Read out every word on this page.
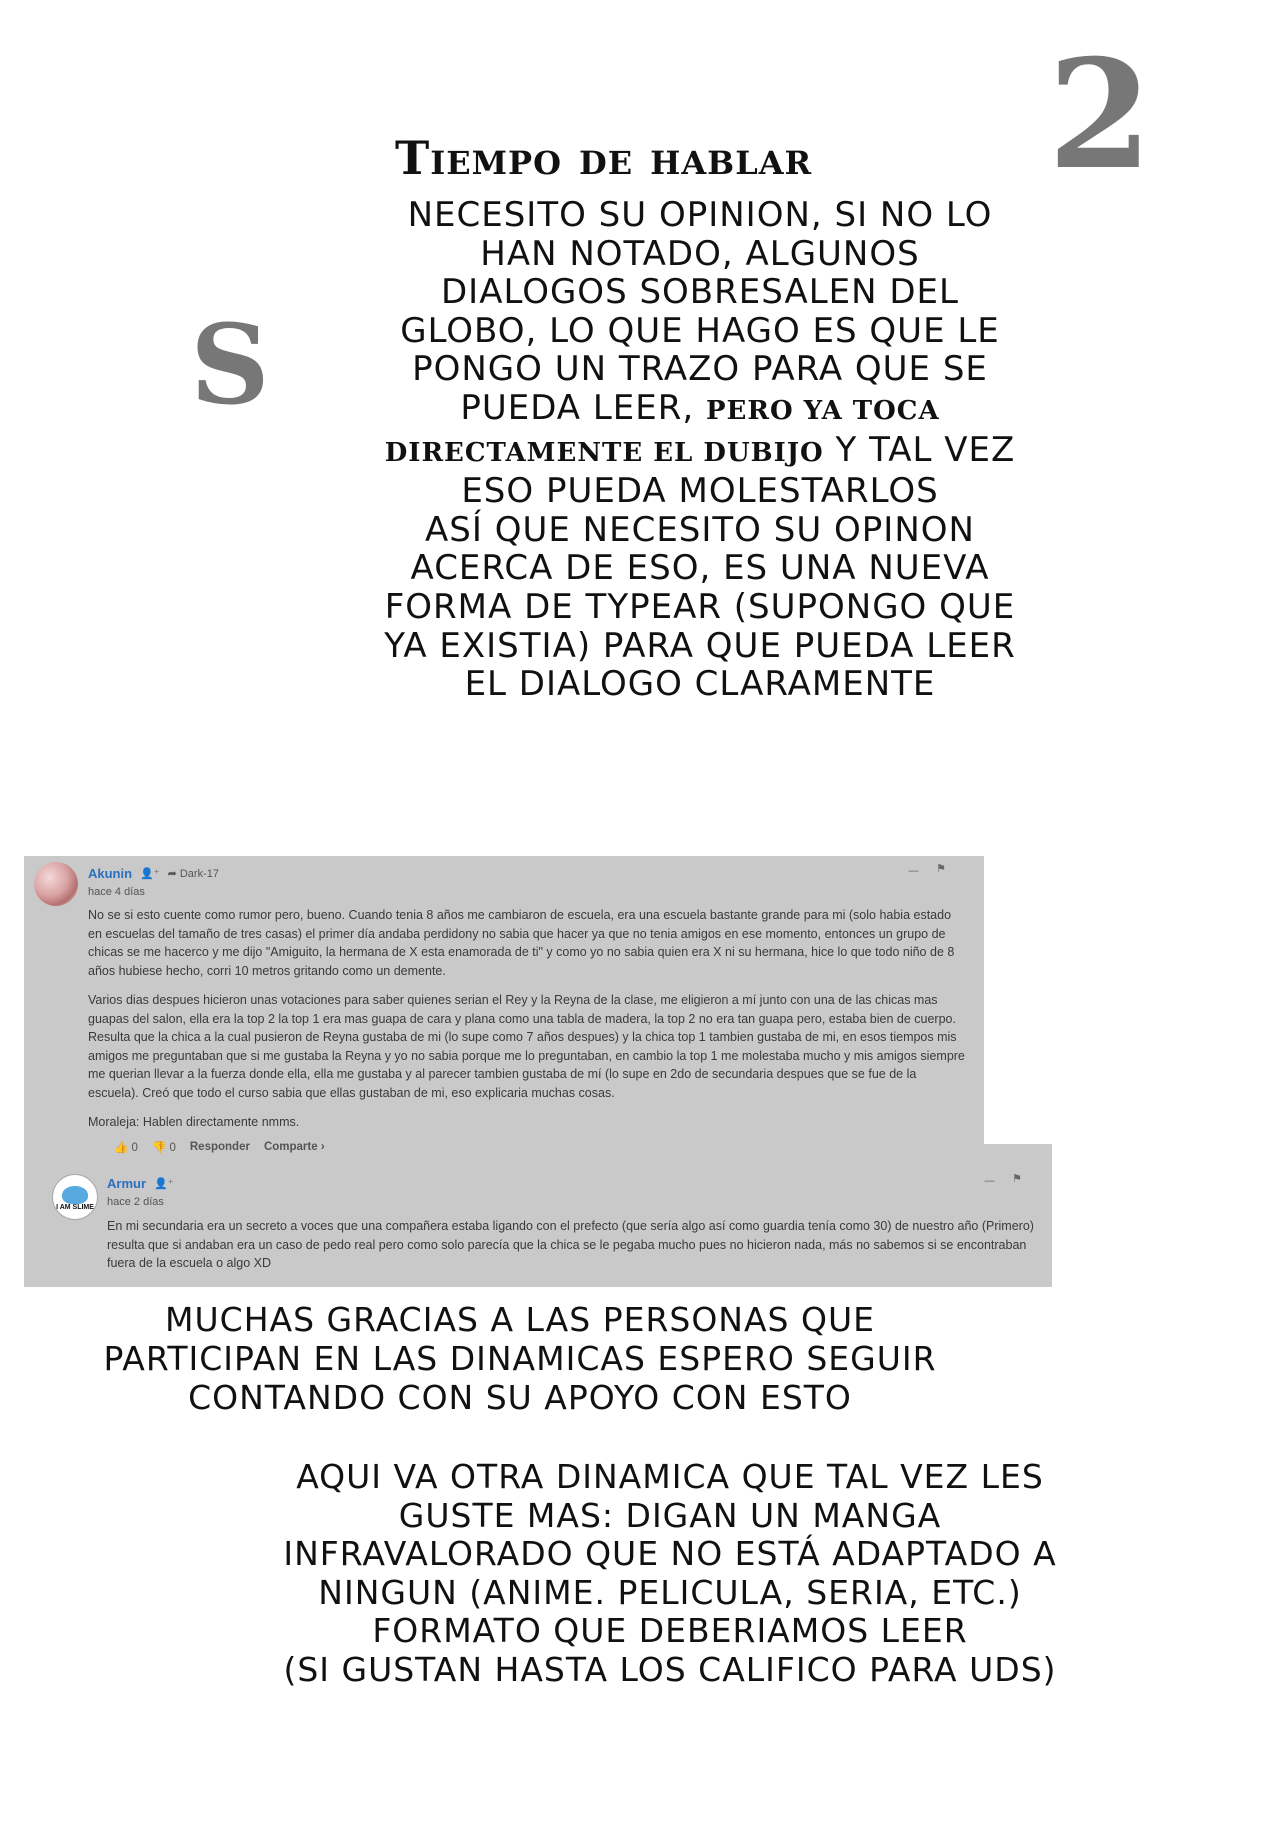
2
S
Tiempo de hablar
NECESITO SU OPINION, SI NO LO
HAN NOTADO, ALGUNOS
DIALOGOS SOBRESALEN DEL
GLOBO, LO QUE HAGO ES QUE LE
PONGO UN TRAZO PARA QUE SE
PUEDA LEER, PERO YA TOCA
DIRECTAMENTE EL DUBIJO Y TAL VEZ
ESO PUEDA MOLESTARLOS
ASÍ QUE NECESITO SU OPINON
ACERCA DE ESO, ES UNA NUEVA
FORMA DE TYPEAR (SUPONGO QUE
YA EXISTIA) PARA QUE PUEDA LEER
EL DIALOGO CLARAMENTE
Akunin 👤⁺ ➦ Dark-17
hace 4 días
— ⚑

No se si esto cuente como rumor pero, bueno. Cuando tenia 8 años me cambiaron de escuela, era una escuela bastante grande para mi (solo habia estado en escuelas del tamaño de tres casas) el primer día andaba perdidony no sabia que hacer ya que no tenia amigos en ese momento, entonces un grupo de chicas se me hacerco y me dijo "Amiguito, la hermana de X esta enamorada de ti" y como yo no sabia quien era X ni su hermana, hice lo que todo niño de 8 años hubiese hecho, corri 10 metros gritando como un demente.

Varios dias despues hicieron unas votaciones para saber quienes serian el Rey y la Reyna de la clase, me eligieron a mí junto con una de las chicas mas guapas del salon, ella era la top 2 la top 1 era mas guapa de cara y plana como una tabla de madera, la top 2 no era tan guapa pero, estaba bien de cuerpo. Resulta que la chica a la cual pusieron de Reyna gustaba de mi (lo supe como 7 años despues) y la chica top 1 tambien gustaba de mi, en esos tiempos mis amigos me preguntaban que si me gustaba la Reyna y yo no sabia porque me lo preguntaban, en cambio la top 1 me molestaba mucho y mis amigos siempre me querian llevar a la fuerza donde ella, ella me gustaba y al parecer tambien gustaba de mí (lo supe en 2do de secundaria despues que se fue de la escuela). Creó que todo el curso sabia que ellas gustaban de mi, eso explicaria muchas cosas.

Moraleja: Hablen directamente nmms.

👍 0 👎 0 Responder Comparte ›
I AM SLIME
Armur 👤⁺
hace 2 días
— ⚑

En mi secundaria era un secreto a voces que una compañera estaba ligando con el prefecto (que sería algo así como guardia tenía como 30) de nuestro año (Primero) resulta que si andaban era un caso de pedo real pero como solo parecía que la chica se le pegaba mucho pues no hicieron nada, más no sabemos si se encontraban fuera de la escuela o algo XD

MUCHAS GRACIAS A LAS PERSONAS QUE
PARTICIPAN EN LAS DINAMICAS ESPERO SEGUIR
CONTANDO CON SU APOYO CON ESTO
AQUI VA OTRA DINAMICA QUE TAL VEZ LES
GUSTE MAS: DIGAN UN MANGA
INFRAVALORADO QUE NO ESTÁ ADAPTADO A
NINGUN (ANIME. PELICULA, SERIA, ETC.)
FORMATO QUE DEBERIAMOS LEER
(SI GUSTAN HASTA LOS CALIFICO PARA UDS)
